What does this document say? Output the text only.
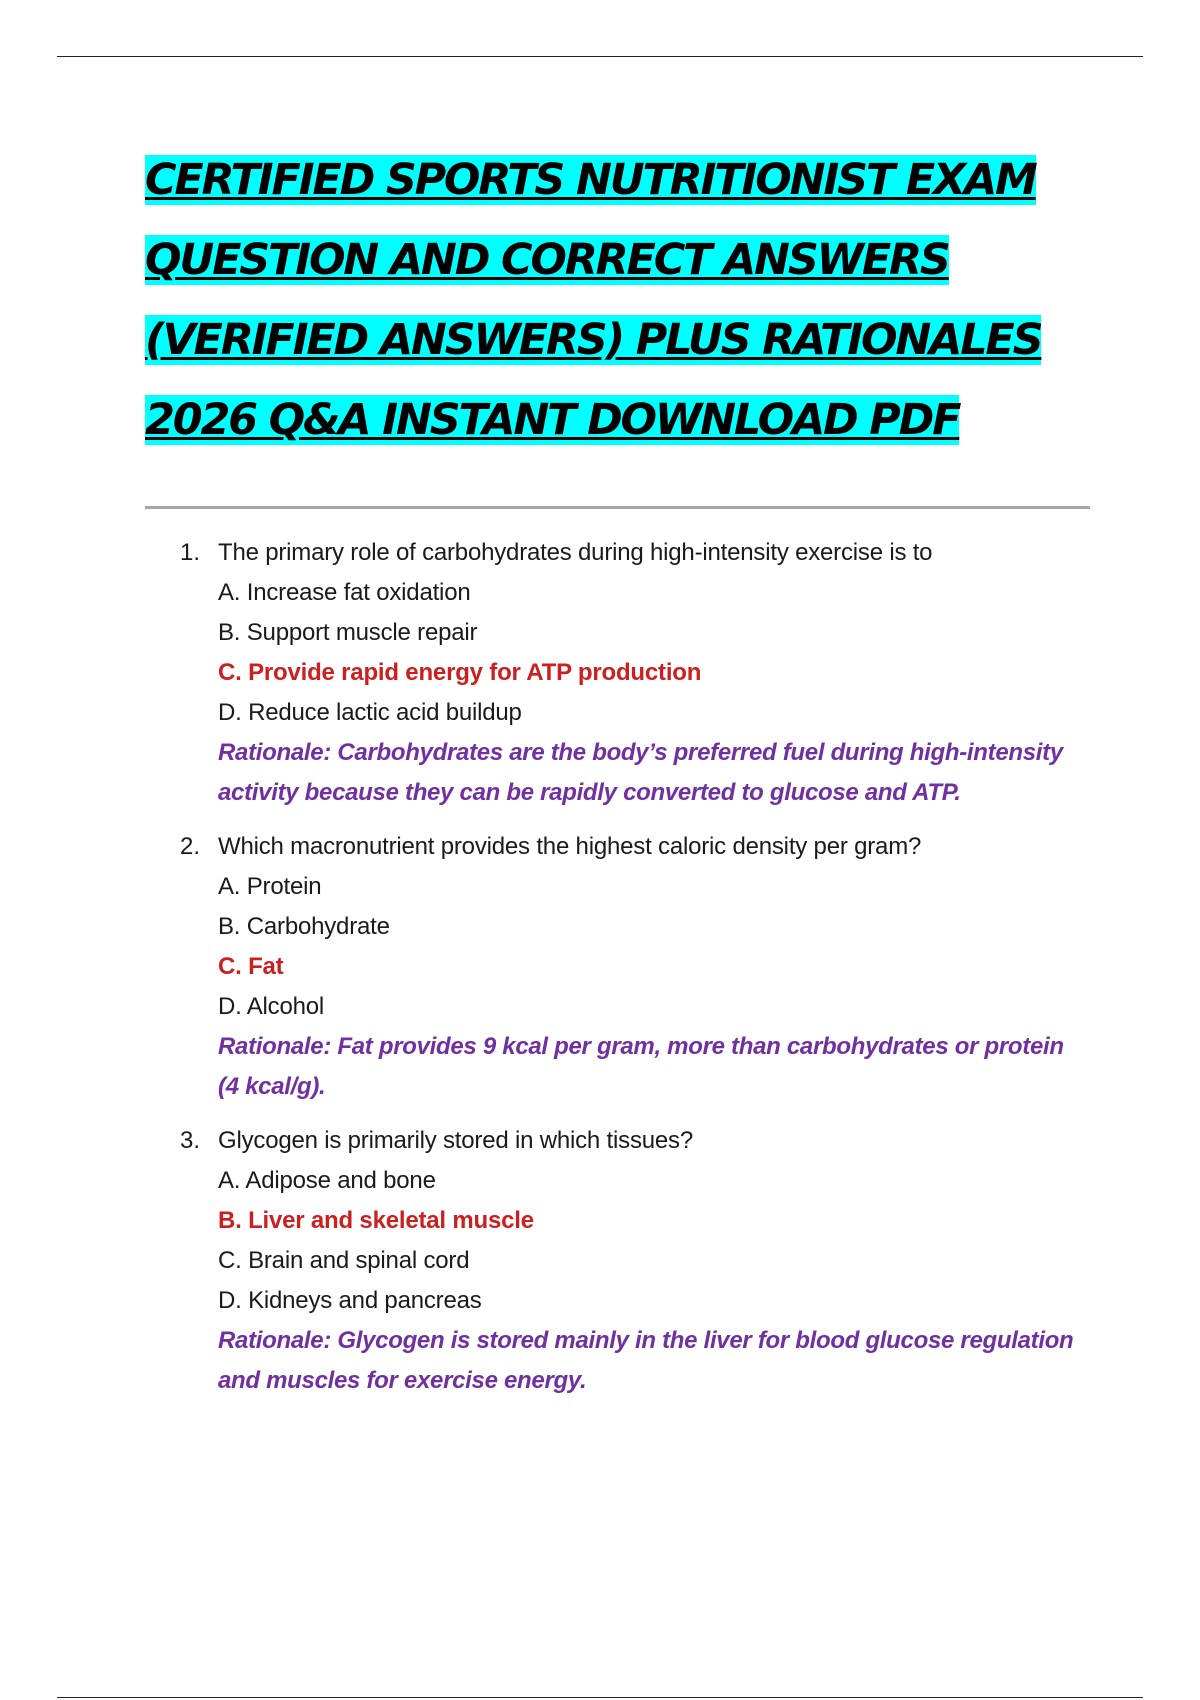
CERTIFIED SPORTS NUTRITIONIST EXAM
QUESTION AND CORRECT ANSWERS
(VERIFIED ANSWERS) PLUS RATIONALES
2026 Q&A INSTANT DOWNLOAD PDF
1. The primary role of carbohydrates during high-intensity exercise is to
A. Increase fat oxidation
B. Support muscle repair
C. Provide rapid energy for ATP production
D. Reduce lactic acid buildup
Rationale: Carbohydrates are the body’s preferred fuel during high-intensity activity because they can be rapidly converted to glucose and ATP.
2. Which macronutrient provides the highest caloric density per gram?
A. Protein
B. Carbohydrate
C. Fat
D. Alcohol
Rationale: Fat provides 9 kcal per gram, more than carbohydrates or protein (4 kcal/g).
3. Glycogen is primarily stored in which tissues?
A. Adipose and bone
B. Liver and skeletal muscle
C. Brain and spinal cord
D. Kidneys and pancreas
Rationale: Glycogen is stored mainly in the liver for blood glucose regulation and muscles for exercise energy.
